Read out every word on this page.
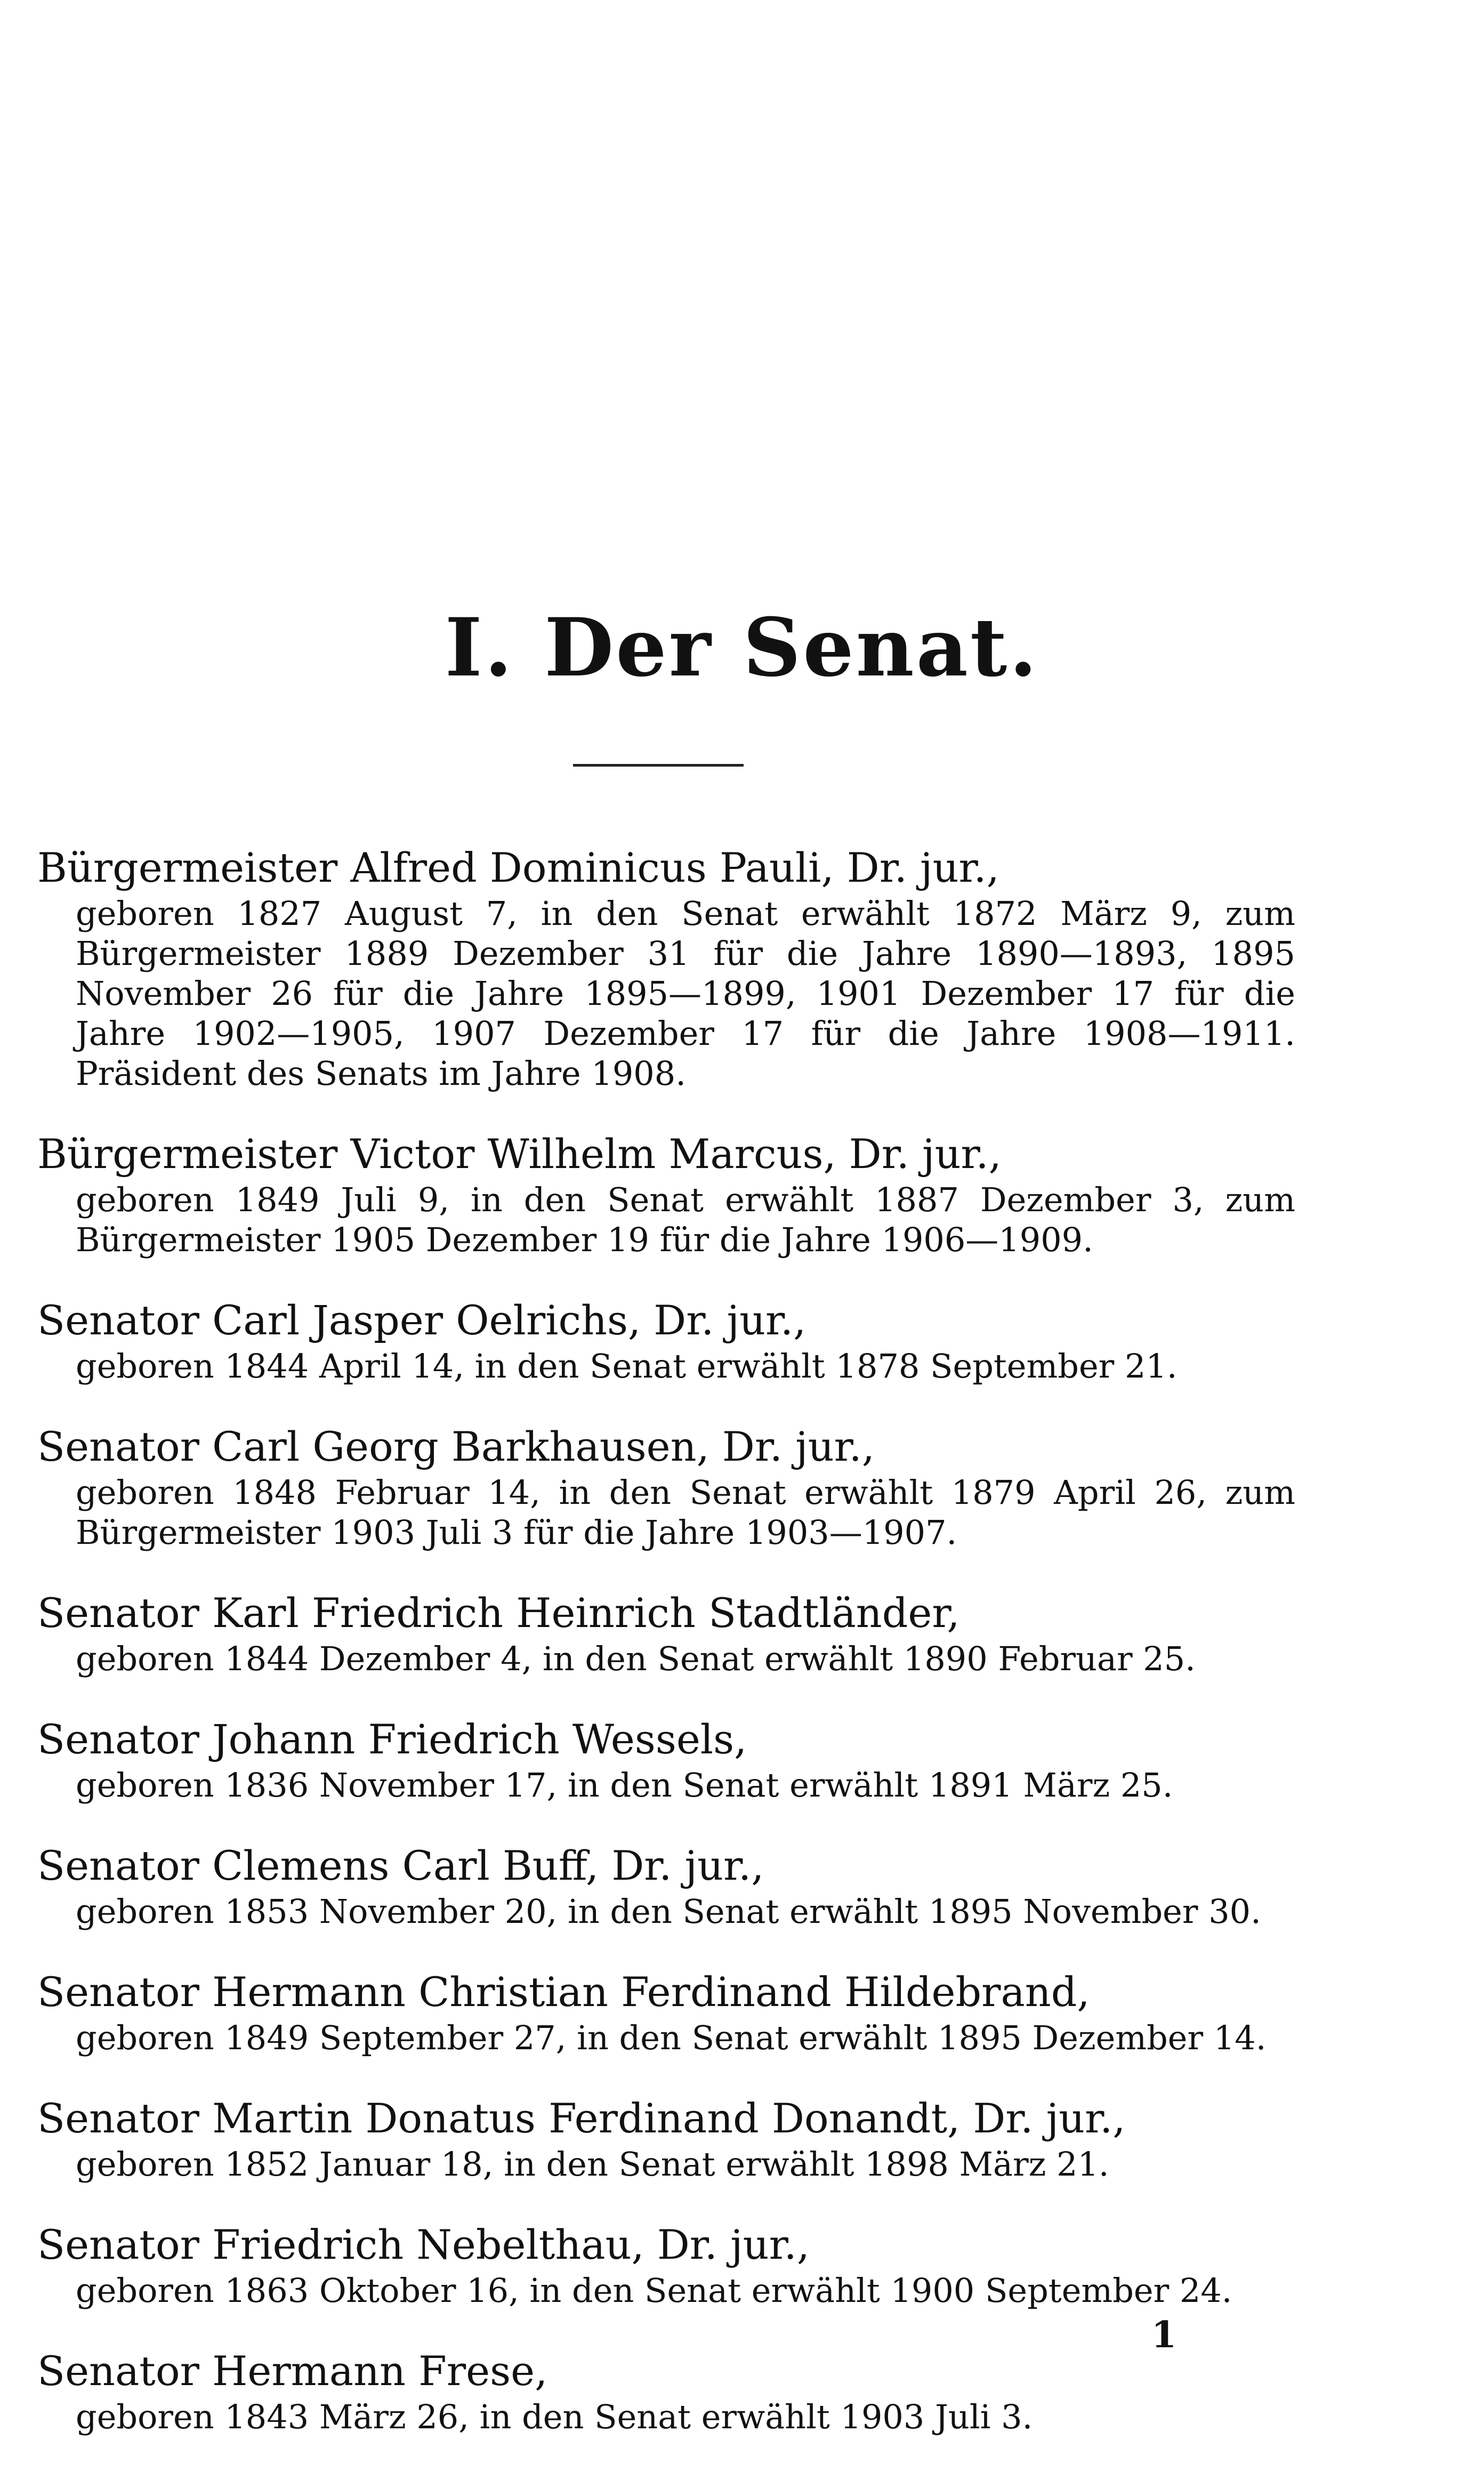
I. Der Senat.
Bürgermeister Alfred Dominicus Pauli, Dr. jur.,
geboren 1827 August 7, in den Senat erwählt 1872 März 9, zum Bürgermeister 1889 Dezember 31 für die Jahre 1890—1893, 1895 November 26 für die Jahre 1895—1899, 1901 Dezember 17 für die Jahre 1902—1905, 1907 Dezember 17 für die Jahre 1908—1911. Präsident des Senats im Jahre 1908.
Bürgermeister Victor Wilhelm Marcus, Dr. jur.,
geboren 1849 Juli 9, in den Senat erwählt 1887 Dezember 3, zum Bürgermeister 1905 Dezember 19 für die Jahre 1906—1909.
Senator Carl Jasper Oelrichs, Dr. jur.,
geboren 1844 April 14, in den Senat erwählt 1878 September 21.
Senator Carl Georg Barkhausen, Dr. jur.,
geboren 1848 Februar 14, in den Senat erwählt 1879 April 26, zum Bürgermeister 1903 Juli 3 für die Jahre 1903—1907.
Senator Karl Friedrich Heinrich Stadtländer,
geboren 1844 Dezember 4, in den Senat erwählt 1890 Februar 25.
Senator Johann Friedrich Wessels,
geboren 1836 November 17, in den Senat erwählt 1891 März 25.
Senator Clemens Carl Buff, Dr. jur.,
geboren 1853 November 20, in den Senat erwählt 1895 November 30.
Senator Hermann Christian Ferdinand Hildebrand,
geboren 1849 September 27, in den Senat erwählt 1895 Dezember 14.
Senator Martin Donatus Ferdinand Donandt, Dr. jur.,
geboren 1852 Januar 18, in den Senat erwählt 1898 März 21.
Senator Friedrich Nebelthau, Dr. jur.,
geboren 1863 Oktober 16, in den Senat erwählt 1900 September 24.
Senator Hermann Frese,
geboren 1843 März 26, in den Senat erwählt 1903 Juli 3.
1
